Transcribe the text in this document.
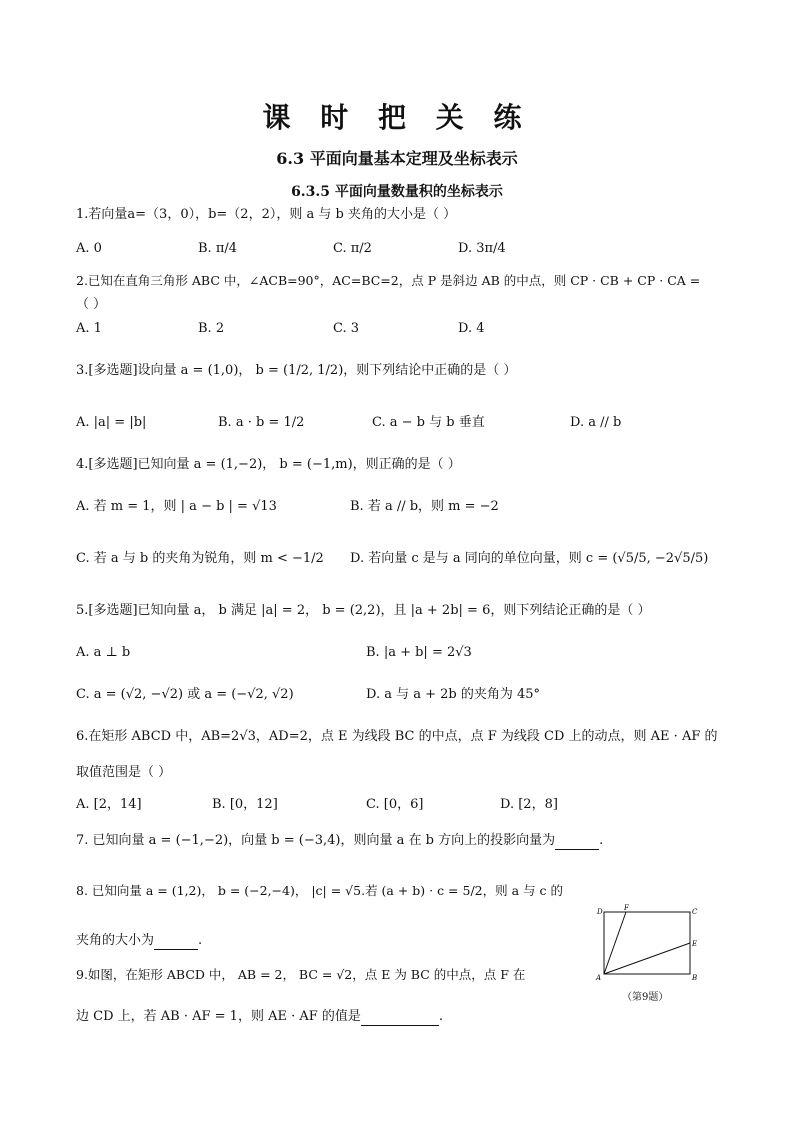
课 时 把 关 练
6.3 平面向量基本定理及坐标表示
6.3.5 平面向量数量积的坐标表示
1.若向量a=（3，0），b=（2，2），则 a 与 b 夹角的大小是（ ）
A. 0	B. π/4	C. π/2	D. 3π/4
2.已知在直角三角形 ABC 中，∠ACB=90°，AC=BC=2，点 P 是斜边 AB 的中点，则 CP · CB + CP · CA =
（ ）
A. 1	B. 2	C. 3	D. 4
3.[多选题]设向量 a = (1,0)， b = (1/2, 1/2)，则下列结论中正确的是（ ）
A. |a| = |b|	B. a · b = 1/2	C. a − b 与 b 垂直	D. a // b
4.[多选题]已知向量 a = (1,−2)， b = (−1,m)，则正确的是（ ）
A. 若 m = 1，则 | a − b | = √13	B. 若 a // b，则 m = −2
C. 若 a 与 b 的夹角为锐角，则 m < −1/2 D. 若向量 c 是与 a 同向的单位向量，则 c = (√5/5, −2√5/5)
5.[多选题]已知向量 a， b 满足 |a| = 2， b = (2,2)，且 |a + 2b| = 6，则下列结论正确的是（ ）
A. a ⊥ b	B. |a + b| = 2√3
C. a = (√2, −√2) 或 a = (−√2, √2)	D. a 与 a + 2b 的夹角为 45°
6.在矩形 ABCD 中，AB=2√3，AD=2，点 E 为线段 BC 的中点，点 F 为线段 CD 上的动点，则 AE · AF 的
取值范围是（ ）
A. [2，14]	B. [0，12]	C. [0，6]	D. [2，8]
7. 已知向量 a = (−1,−2)，向量 b = (−3,4)，则向量 a 在 b 方向上的投影向量为	.
8. 已知向量 a = (1,2)， b = (−2,−4)， |c| = √5.若 (a + b) · c = 5/2，则 a 与 c 的
夹角的大小为	.
9.如图，在矩形 ABCD 中， AB = 2， BC = √2，点 E 为 BC 的中点，点 F 在
边 CD 上，若 AB · AF = 1，则 AE · AF 的值是	.
A	B
C
D
E
F
（第9题）
